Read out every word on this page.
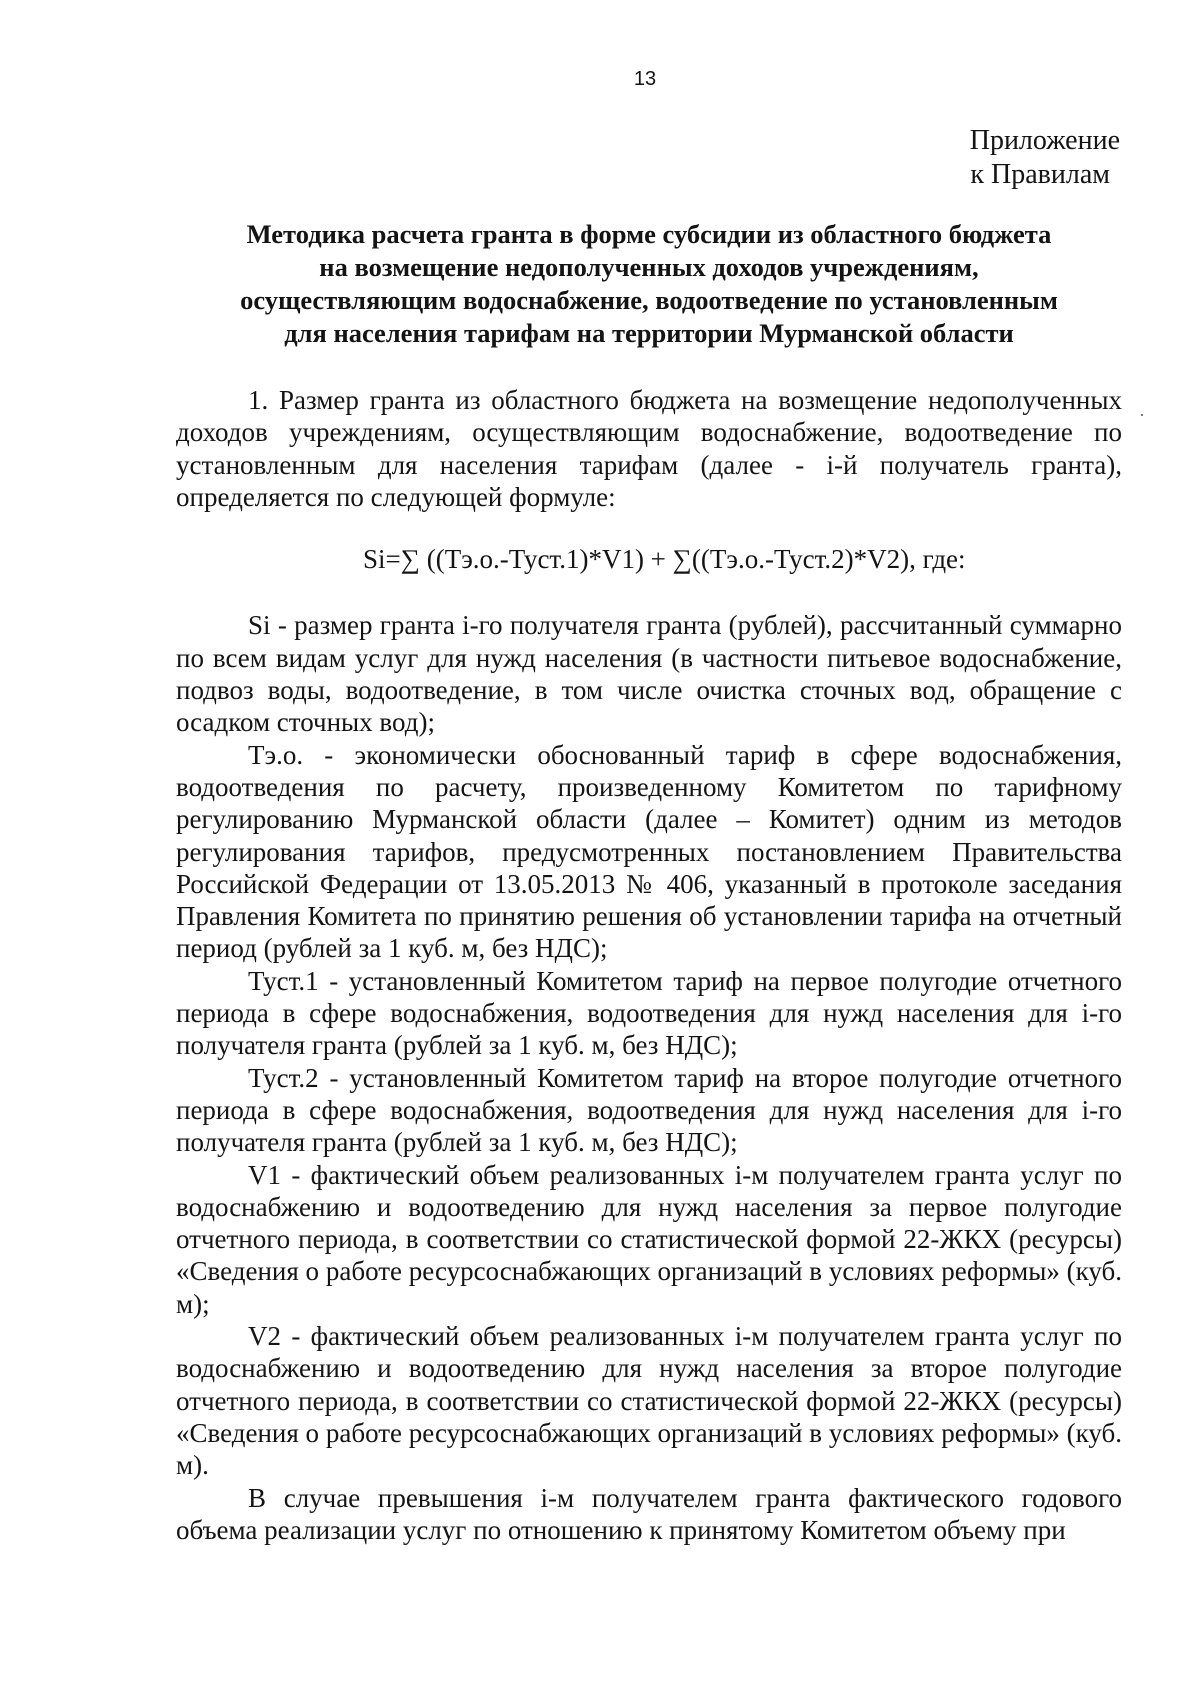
13
Приложение

к Правилам
Методика расчета гранта в форме субсидии из областного бюджета
на возмещение недополученных доходов учреждениям,
осуществляющим водоснабжение, водоотведение по установленным
для населения тарифам на территории Мурманской области

1. Размер гранта из областного бюджета на возмещение недополученных доходов учреждениям, осуществляющим водоснабжение, водоотведение по установленным для населения тарифам (далее - i-й получатель гранта), определяется по следующей формуле:

Si=∑ ((Тэ.о.-Туст.1)*V1) + ∑((Тэ.о.-Туст.2)*V2), где:

Si - размер гранта i-го получателя гранта (рублей), рассчитанный суммарно по всем видам услуг для нужд населения (в частности питьевое водоснабжение, подвоз воды, водоотведение, в том числе очистка сточных вод, обращение с осадком сточных вод);

Тэ.о. - экономически обоснованный тариф в сфере водоснабжения, водоотведения по расчету, произведенному Комитетом по тарифному регулированию Мурманской области (далее – Комитет) одним из методов регулирования тарифов, предусмотренных постановлением Правительства Российской Федерации от 13.05.2013 № 406, указанный в протоколе заседания Правления Комитета по принятию решения об установлении тарифа на отчетный период (рублей за 1 куб. м, без НДС);

Туст.1 - установленный Комитетом тариф на первое полугодие отчетного периода в сфере водоснабжения, водоотведения для нужд населения для i-го получателя гранта (рублей за 1 куб. м, без НДС);

Туст.2 - установленный Комитетом тариф на второе полугодие отчетного периода в сфере водоснабжения, водоотведения для нужд населения для i-го получателя гранта (рублей за 1 куб. м, без НДС);

V1 - фактический объем реализованных i-м получателем гранта услуг по водоснабжению и водоотведению для нужд населения за первое полугодие отчетного периода, в соответствии со статистической формой 22-ЖКХ (ресурсы) «Сведения о работе ресурсоснабжающих организаций в условиях реформы» (куб. м);

V2 - фактический объем реализованных i-м получателем гранта услуг по водоснабжению и водоотведению для нужд населения за второе полугодие отчетного периода, в соответствии со статистической формой 22-ЖКХ (ресурсы) «Сведения о работе ресурсоснабжающих организаций в условиях реформы» (куб. м).

В случае превышения i-м получателем гранта фактического годового объема реализации услуг по отношению к принятому Комитетом объему при
